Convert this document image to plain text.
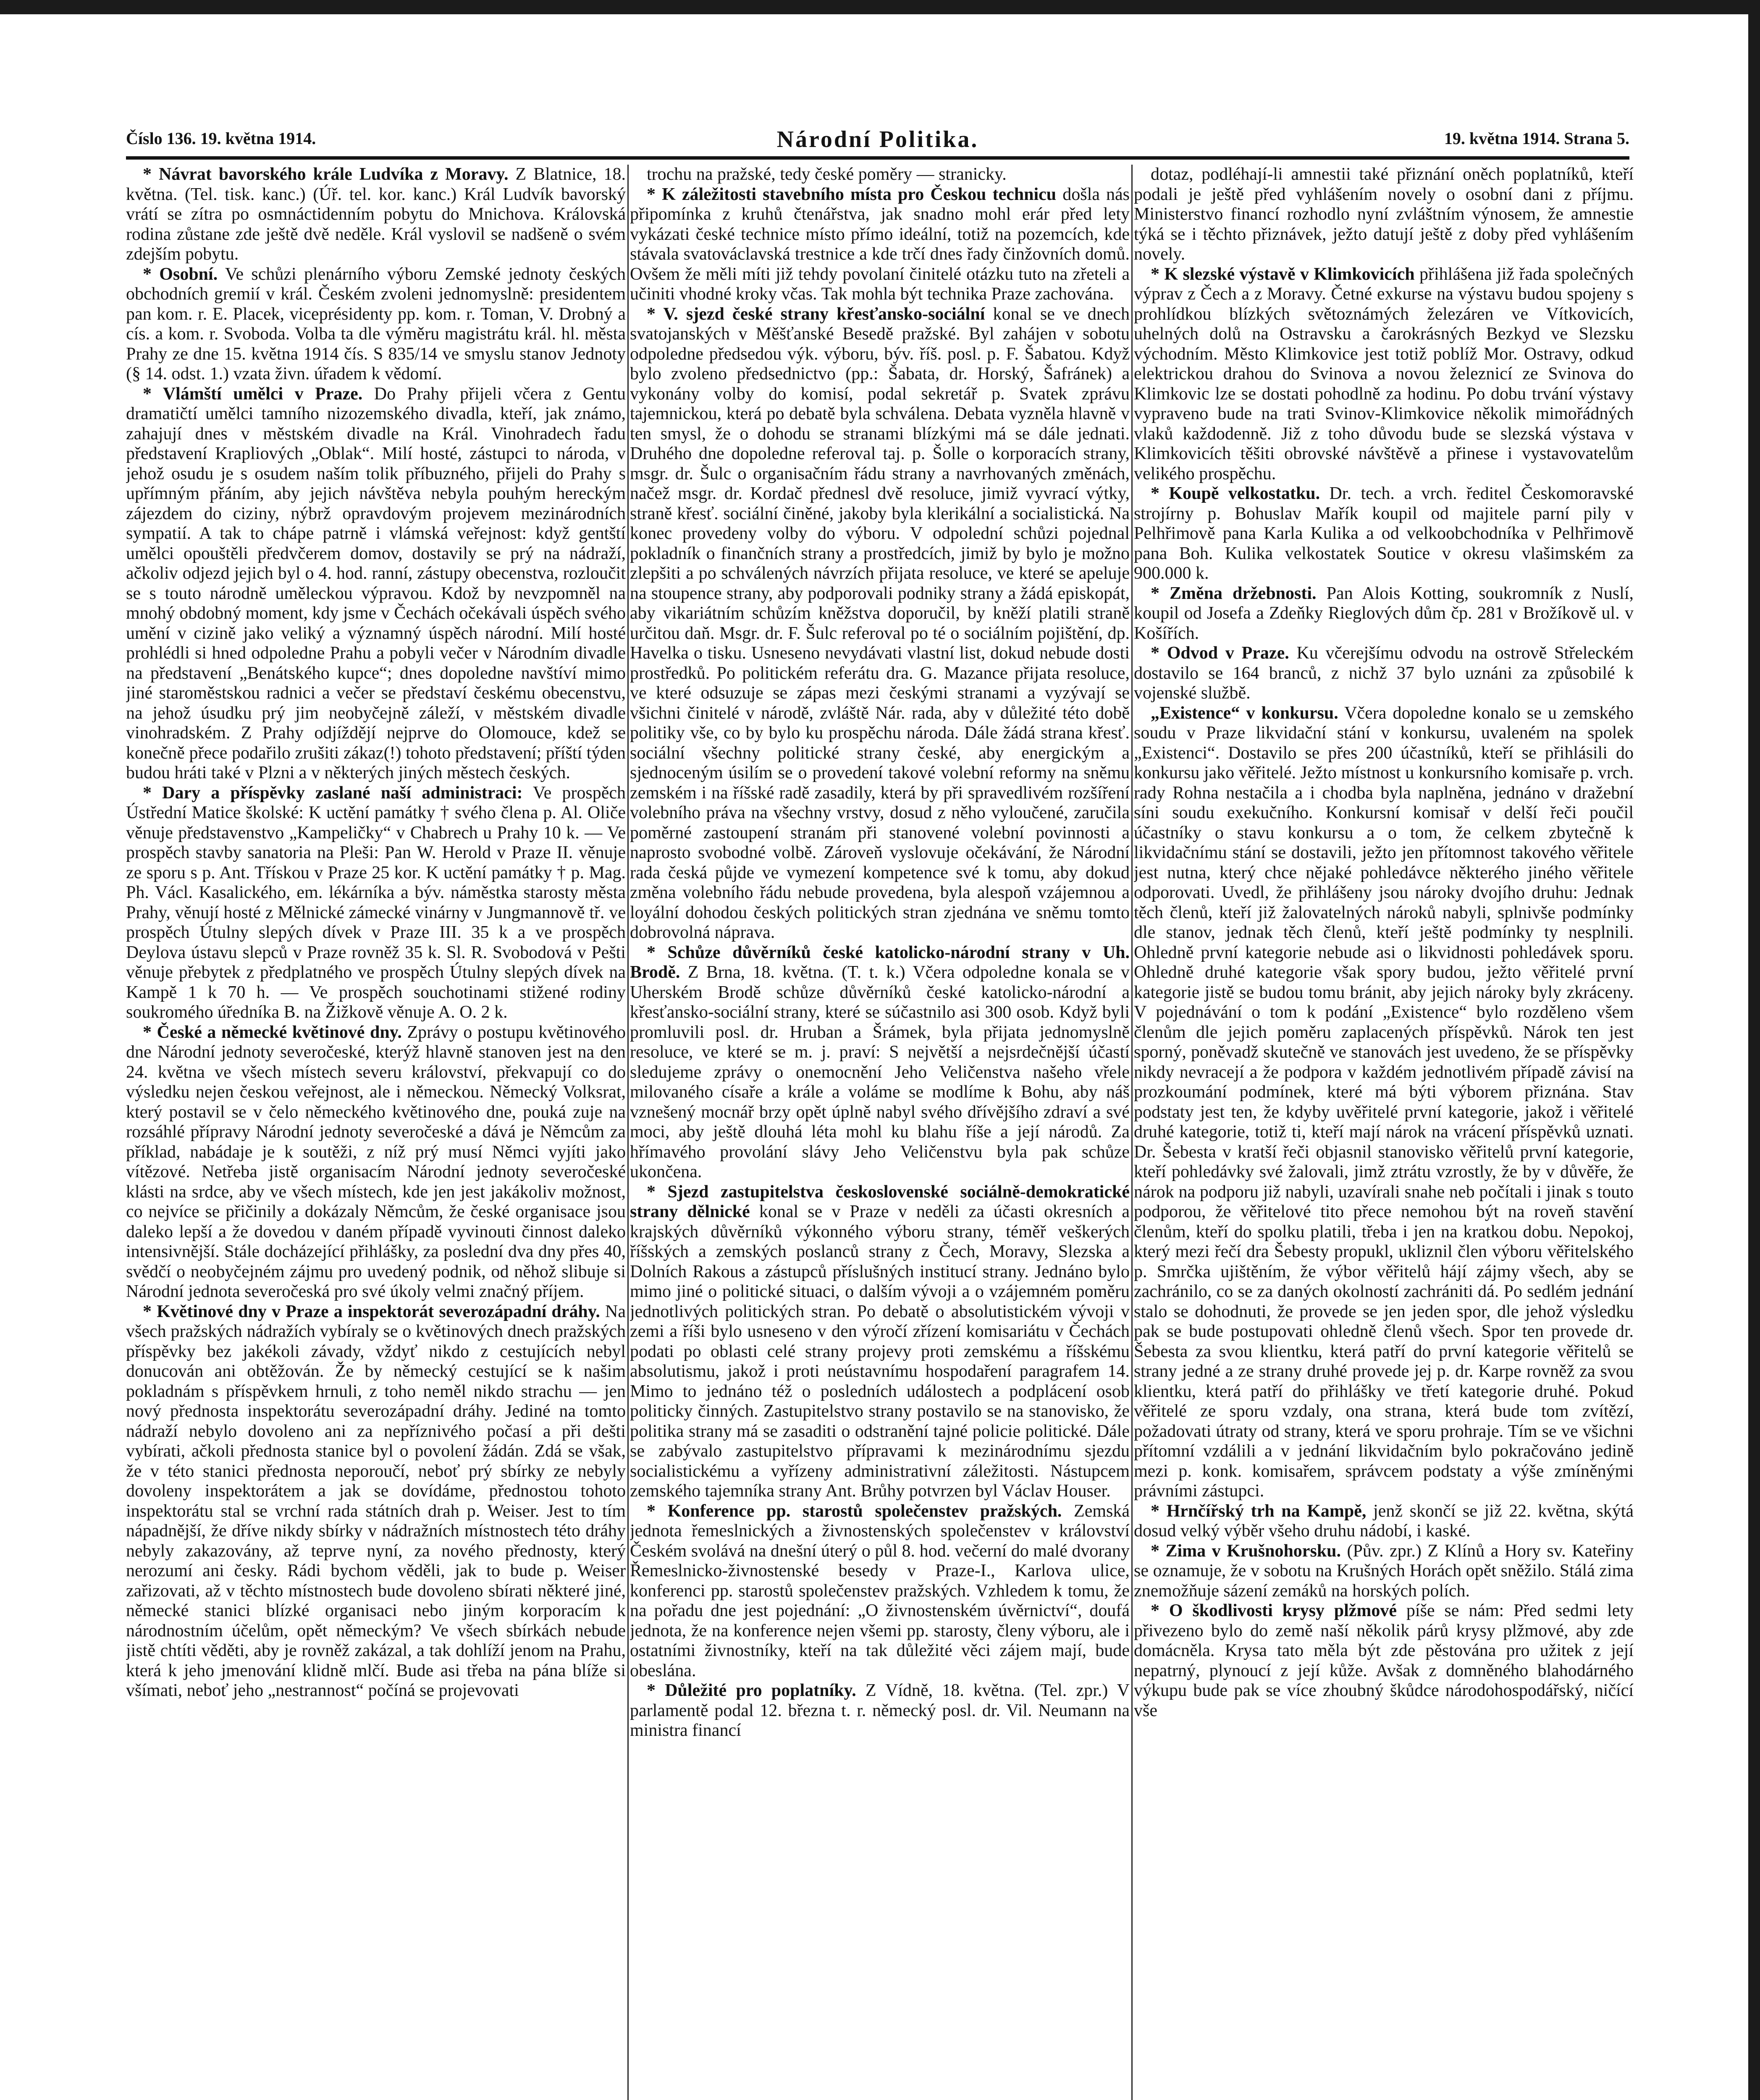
Číslo 136. 19. května 1914.	Národní Politika.	19. května 1914. Strana 5.

* Návrat bavorského krále Ludvíka z Moravy. Z Blatnice, 18. května. (Tel. tisk. kanc.) (Úř. tel. kor. kanc.) Král Ludvík bavorský vrátí se zítra po osmnáctidenním pobytu do Mnichova. Královská rodina zůstane zde ještě dvě neděle. Král vyslovil se nadšeně o svém zdejším pobytu.

* Osobní. Ve schůzi plenárního výboru Zemské jednoty českých obchodních gremií v král. Českém zvoleni jednomyslně: presidentem pan kom. r. E. Placek, viceprésidenty pp. kom. r. Toman, V. Drobný a cís. a kom. r. Svoboda. Volba ta dle výměru magistrátu král. hl. města Prahy ze dne 15. května 1914 čís. S 835/14 ve smyslu stanov Jednoty (§ 14. odst. 1.) vzata živn. úřadem k vědomí.

* Vlámští umělci v Praze. Do Prahy přijeli včera z Gentu dramatičtí umělci tamního nizozemského divadla, kteří, jak známo, zahajují dnes v městském divadle na Král. Vinohradech řadu představení Krapliových „Oblak“. Milí hosté, zástupci to národa, v jehož osudu je s osudem naším tolik příbuzného, přijeli do Prahy s upřímným přáním, aby jejich návštěva nebyla pouhým hereckým zájezdem do ciziny, nýbrž opravdovým projevem mezinárodních sympatií. A tak to chápe patrně i vlámská veřejnost: když gentští umělci opouštěli předvčerem domov, dostavily se prý na nádraží, ačkoliv odjezd jejich byl o 4. hod. ranní, zástupy obecenstva, rozloučit se s touto národně uměleckou výpravou. Kdož by nevzpomněl na mnohý obdobný moment, kdy jsme v Čechách očekávali úspěch svého umění v cizině jako veliký a významný úspěch národní. Milí hosté prohlédli si hned odpoledne Prahu a pobyli večer v Národním divadle na představení „Benátského kupce“; dnes dopoledne navštíví mimo jiné staroměstskou radnici a večer se představí českému obecenstvu, na jehož úsudku prý jim neobyčejně záleží, v městském divadle vinohradském. Z Prahy odjíždějí nejprve do Olomouce, kdež se konečně přece podařilo zrušiti zákaz(!) tohoto představení; příští týden budou hráti také v Plzni a v některých jiných městech českých.

* Dary a příspěvky zaslané naší administraci: Ve prospěch Ústřední Matice školské: K uctění památky † svého člena p. Al. Oliče věnuje představenstvo „Kampeličky“ v Chabrech u Prahy 10 k. — Ve prospěch stavby sanatoria na Pleši: Pan W. Herold v Praze II. věnuje ze sporu s p. Ant. Třískou v Praze 25 kor. K uctění památky † p. Mag. Ph. Václ. Kasalického, em. lékárníka a býv. náměstka starosty města Prahy, věnují hosté z Mělnické zámecké vinárny v Jungmannově tř. ve prospěch Útulny slepých dívek v Praze III. 35 k a ve prospěch Deylova ústavu slepců v Praze rovněž 35 k. Sl. R. Svobodová v Pešti věnuje přebytek z předplatného ve prospěch Útulny slepých dívek na Kampě 1 k 70 h. — Ve prospěch souchotinami stižené rodiny soukromého úředníka B. na Žižkově věnuje A. O. 2 k.

* České a německé květinové dny. Zprávy o postupu květinového dne Národní jednoty severočeské, kterýž hlavně stanoven jest na den 24. května ve všech místech severu království, překvapují co do výsledku nejen českou veřejnost, ale i německou. Německý Volksrat, který postavil se v čelo německého květinového dne, pouká zuje na rozsáhlé přípravy Národní jednoty severočeské a dává je Němcům za příklad, nabádaje je k soutěži, z níž prý musí Němci vyjíti jako vítězové. Netřeba jistě organisacím Národní jednoty severočeské klásti na srdce, aby ve všech místech, kde jen jest jakákoliv možnost, co nejvíce se přičinily a dokázaly Němcům, že české organisace jsou daleko lepší a že dovedou v daném případě vyvinouti činnost daleko intensivnější. Stále docházející přihlášky, za poslední dva dny přes 40, svědčí o neobyčejném zájmu pro uvedený podnik, od něhož slibuje si Národní jednota severočeská pro své úkoly velmi značný příjem.

* Květinové dny v Praze a inspektorát severozápadní dráhy. Na všech pražských nádražích vybíraly se o květinových dnech pražských příspěvky bez jakékoli závady, vždyť nikdo z cestujících nebyl donucován ani obtěžován. Že by německý cestující se k našim pokladnám s příspěvkem hrnuli, z toho neměl nikdo strachu — jen nový přednosta inspektorátu severozápadní dráhy. Jediné na tomto nádraží nebylo dovoleno ani za nepříznivého počasí a při dešti vybírati, ačkoli přednosta stanice byl o povolení žádán. Zdá se však, že v této stanici přednosta neporoučí, neboť prý sbírky ze nebyly dovoleny inspektorátem a jak se dovídáme, přednostou tohoto inspektorátu stal se vrchní rada státních drah p. Weiser. Jest to tím nápadnější, že dříve nikdy sbírky v nádražních místnostech této dráhy nebyly zakazovány, až teprve nyní, za nového přednosty, který nerozumí ani česky. Rádi bychom věděli, jak to bude p. Weiser zařizovati, až v těchto místnostech bude dovoleno sbírati některé jiné, německé stanici blízké organisaci nebo jiným korporacím k národnostním účelům, opět německým? Ve všech sbírkách nebude jistě chtíti věděti, aby je rovněž zakázal, a tak dohlíží jenom na Prahu, která k jeho jmenování klidně mlčí. Bude asi třeba na pána blíže si všímati, neboť jeho „nestrannost“ počíná se projevovati

trochu na pražské, tedy české poměry — stranicky.

* K záležitosti stavebního místa pro Českou technicu došla nás připomínka z kruhů čtenářstva, jak snadno mohl erár před lety vykázati české technice místo přímo ideální, totiž na pozemcích, kde stávala svatováclavská trestnice a kde trčí dnes řady činžovních domů. Ovšem že měli míti již tehdy povolaní činitelé otázku tuto na zřeteli a učiniti vhodné kroky včas. Tak mohla být technika Praze zachována.

* V. sjezd české strany křesťansko-sociální konal se ve dnech svatojanských v Měšťanské Besedě pražské. Byl zahájen v sobotu odpoledne předsedou výk. výboru, býv. říš. posl. p. F. Šabatou. Když bylo zvoleno předsednictvo (pp.: Šabata, dr. Horský, Šafránek) a vykonány volby do komisí, podal sekretář p. Svatek zprávu tajemnickou, která po debatě byla schválena. Debata vyzněla hlavně v ten smysl, že o dohodu se stranami blízkými má se dále jednati. Druhého dne dopoledne referoval taj. p. Šolle o korporacích strany, msgr. dr. Šulc o organisačním řádu strany a navrhovaných změnách, načež msgr. dr. Kordač přednesl dvě resoluce, jimiž vyvrací výtky, straně křesť. sociální činěné, jakoby byla klerikální a socialistická. Na konec provedeny volby do výboru. V odpolední schůzi pojednal pokladník o finančních strany a prostředcích, jimiž by bylo je možno zlepšiti a po schválených návrzích přijata resoluce, ve které se apeluje na stoupence strany, aby podporovali podniky strany a žádá episkopát, aby vikariátním schůzím kněžstva doporučil, by kněží platili straně určitou daň. Msgr. dr. F. Šulc referoval po té o sociálním pojištění, dp. Havelka o tisku. Usneseno nevydávati vlastní list, dokud nebude dosti prostředků. Po politickém referátu drа. G. Mazance přijata resoluce, ve které odsuzuje se zápas mezi českými stranami a vyzývají se všichni činitelé v národě, zvláště Nár. rada, aby v důležité této době politiky vše, co by bylo ku prospěchu národa. Dále žádá strana křesť. sociální všechny politické strany české, aby energickým a sjednoceným úsilím se o provedení takové volební reformy na sněmu zemském i na říšské radě zasadily, která by při spravedlivém rozšíření volebního práva na všechny vrstvy, dosud z něho vyloučené, zaručila poměrné zastoupení stranám při stanovené volební povinnosti a naprosto svobodné volbě. Zároveň vyslovuje očekávání, že Národní rada česká půjde ve vymezení kompetence své k tomu, aby dokud změna volebního řádu nebude provedena, byla alespoň vzájemnou a loyální dohodou českých politických stran zjednána ve sněmu tomto dobrovolná náprava.

* Schůze důvěrníků české katolicko-národní strany v Uh. Brodě. Z Brna, 18. května. (T. t. k.) Včera odpoledne konala se v Uherském Brodě schůze důvěrníků české katolicko-národní a křesťansko-sociální strany, které se súčastnilo asi 300 osob. Když byli promluvili posl. dr. Hruban a Šrámek, byla přijata jednomyslně resoluce, ve které se m. j. praví: S největší a nejsrdečnější účastí sledujeme zprávy o onemocnění Jeho Veličenstva našeho vřele milovaného císaře a krále a voláme se modlíme k Bohu, aby náš vznešený mocnář brzy opět úplně nabyl svého dřívějšího zdraví a své moci, aby ještě dlouhá léta mohl ku blahu říše a její národů. Za hřímavého provolání slávy Jeho Veličenstvu byla pak schůze ukončena.

* Sjezd zastupitelstva československé sociálně-demokratické strany dělnické konal se v Praze v neděli za účasti okresních a krajských důvěrníků výkonného výboru strany, téměř veškerých říšských a zemských poslanců strany z Čech, Moravy, Slezska a Dolních Rakous a zástupců příslušných institucí strany. Jednáno bylo mimo jiné o politické situaci, o dalším vývoji a o vzájemném poměru jednotlivých politických stran. Po debatě o absolutistickém vývoji v zemi a říši bylo usneseno v den výročí zřízení komisariátu v Čechách podati po oblasti celé strany projevy proti zemskému a říšskému absolutismu, jakož i proti neústavnímu hospodaření paragrafem 14. Mimo to jednáno též o posledních událostech a podplácení osob politicky činných. Zastupitelstvo strany postavilo se na stanovisko, že politika strany má se zasaditi o odstranění tajné policie politické. Dále se zabývalo zastupitelstvo přípravami k mezinárodnímu sjezdu socialistickému a vyřízeny administrativní záležitosti. Nástupcem zemského tajemníka strany Ant. Brůhy potvrzen byl Václav Houser.

* Konference pp. starostů společenstev pražských. Zemská jednota řemeslnických a živnostenských společenstev v království Českém svolává na dnešní úterý o půl 8. hod. večerní do malé dvorany Řemeslnicko-živnostenské besedy v Praze-I., Karlova ulice, konferenci pp. starostů společenstev pražských. Vzhledem k tomu, že na pořadu dne jest pojednání: „O živnostenském úvěrnictví“, doufá jednota, že na konference nejen všemi pp. starosty, členy výboru, ale i ostatními živnostníky, kteří na tak důležité věci zájem mají, bude obeslána.

* Důležité pro poplatníky. Z Vídně, 18. května. (Tel. zpr.) V parlamentě podal 12. března t. r. německý posl. dr. Vil. Neumann na ministra financí

dotaz, podléhají-li amnestii také přiznání oněch poplatníků, kteří podali je ještě před vyhlášením novely o osobní dani z příjmu. Ministerstvo financí rozhodlo nyní zvláštním výnosem, že amnestie týká se i těchto přiznávek, ježto datují ještě z doby před vyhlášením novely.

* K slezské výstavě v Klimkovicích přihlášena již řada společných výprav z Čech a z Moravy. Četné exkurse na výstavu budou spojeny s prohlídkou blízkých světoznámých železáren ve Vítkovicích, uhelných dolů na Ostravsku a čarokrásných Bezkyd ve Slezsku východním. Město Klimkovice jest totiž poblíž Mor. Ostravy, odkud elektrickou drahou do Svinova a novou železnicí ze Svinova do Klimkovic lze se dostati pohodlně za hodinu. Po dobu trvání výstavy vypraveno bude na trati Svinov-Klimkovice několik mimořádných vlaků každodenně. Již z toho důvodu bude se slezská výstava v Klimkovicích těšiti obrovské návštěvě a přinese i vystavovatelům velikého prospěchu.

* Koupě velkostatku. Dr. tech. a vrch. ředitel Českomoravské strojírny p. Bohuslav Mařík koupil od majitele parní pily v Pelhřimově pana Karla Kulika a od velkoobchodníka v Pelhřimově pana Boh. Kulika velkostatek Soutice v okresu vlašimském za 900.000 k.

* Změna držebnosti. Pan Alois Kotting, soukromník z Nuslí, koupil od Josefa a Zdeňky Rieglových dům čp. 281 v Brožíkově ul. v Košířích.

* Odvod v Praze. Ku včerejšímu odvodu na ostrově Střeleckém dostavilo se 164 branců, z nichž 37 bylo uznáni za způsobilé k vojenské službě.

„Existence“ v konkursu. Včera dopoledne konalo se u zemského soudu v Praze likvidační stání v konkursu, uvaleném na spolek „Existenci“. Dostavilo se přes 200 účastníků, kteří se přihlásili do konkursu jako věřitelé. Ježto místnost u konkursního komisaře p. vrch. rady Rohna nestačila a i chodba byla naplněna, jednáno v dražební síni soudu exekučního. Konkursní komisař v delší řeči poučil účastníky o stavu konkursu a o tom, že celkem zbytečně k likvidačnímu stání se dostavili, ježto jen přítomnost takového věřitele jest nutna, který chce nějaké pohledávce některého jiného věřitele odporovati. Uvedl, že přihlášeny jsou nároky dvojího druhu: Jednak těch členů, kteří již žalovatelných nároků nabyli, splnivše podmínky dle stanov, jednak těch členů, kteří ještě podmínky ty nesplnili. Ohledně první kategorie nebude asi o likvidnosti pohledávek sporu. Ohledně druhé kategorie však spory budou, ježto věřitelé první kategorie jistě se budou tomu bránit, aby jejich nároky byly zkráceny. V pojednávání o tom k podání „Existence“ bylo rozděleno všem členům dle jejich poměru zaplacených příspěvků. Nárok ten jest sporný, poněvadž skutečně ve stanovách jest uvedeno, že se příspěvky nikdy nevracejí a že podpora v každém jednotlivém případě závisí na prozkoumání podmínek, které má býti výborem přiznána. Stav podstaty jest ten, že kdyby uvěřitelé první kategorie, jakož i věřitelé druhé kategorie, totiž ti, kteří mají nárok na vrácení příspěvků uznati. Dr. Šebesta v kratší řeči objasnil stanovisko věřitelů první kategorie, kteří pohledávky své žalovali, jimž ztrátu vzrostly, že by v důvěře, že nárok na podporu již nabyli, uzavírali snahe neb počítali i jinak s touto podporou, že věřitelové tito přece nemohou být na roveň stavění členům, kteří do spolku platili, třeba i jen na kratkou dobu. Nepokoj, který mezi řečí dra Šebesty propukl, ukliznil člen výboru věřitelského p. Smrčka ujištěním, že výbor věřitelů hájí zájmy všech, aby se zachránilo, co se za daných okolností zachrániti dá. Po sedlém jednání stalo se dohodnuti, že provede se jen jeden spor, dle jehož výsledku pak se bude postupovati ohledně členů všech. Spor ten provede dr. Šebesta za svou klientku, která patří do první kategorie věřitelů se strany jedné a ze strany druhé provede jej p. dr. Karpe rovněž za svou klientku, která patří do přihlášky ve třetí kategorie druhé. Pokud věřitelé ze sporu vzdaly, ona strana, která bude tom zvítězí, požadovati útraty od strany, která ve sporu prohraje. Tím se ve všichni přítomní vzdálili a v jednání likvidačním bylo pokračováno jedině mezi p. konk. komisařem, správcem podstaty a výše zmíněnými právními zástupci.

* Hrnčířský trh na Kampě, jenž skončí se již 22. května, skýtá dosud velký výběr všeho druhu nádobí, i kaské.

* Zima v Krušnohorsku. (Pův. zpr.) Z Klínů a Hory sv. Kateřiny se oznamuje, že v sobotu na Krušných Horách opět sněžilo. Stálá zima znemožňuje sázení zemáků na horských polích.

* O škodlivosti krysy plžmové píše se nám: Před sedmi lety přivezeno bylo do země naší několik párů krysy plžmové, aby zde domácněla. Krysa tato měla být zde pěstována pro užitek z její nepatrný, plynoucí z její kůže. Avšak z domněného blahodárného výkupu bude pak se více zhoubný škůdce národohospodářský, ničící vše
